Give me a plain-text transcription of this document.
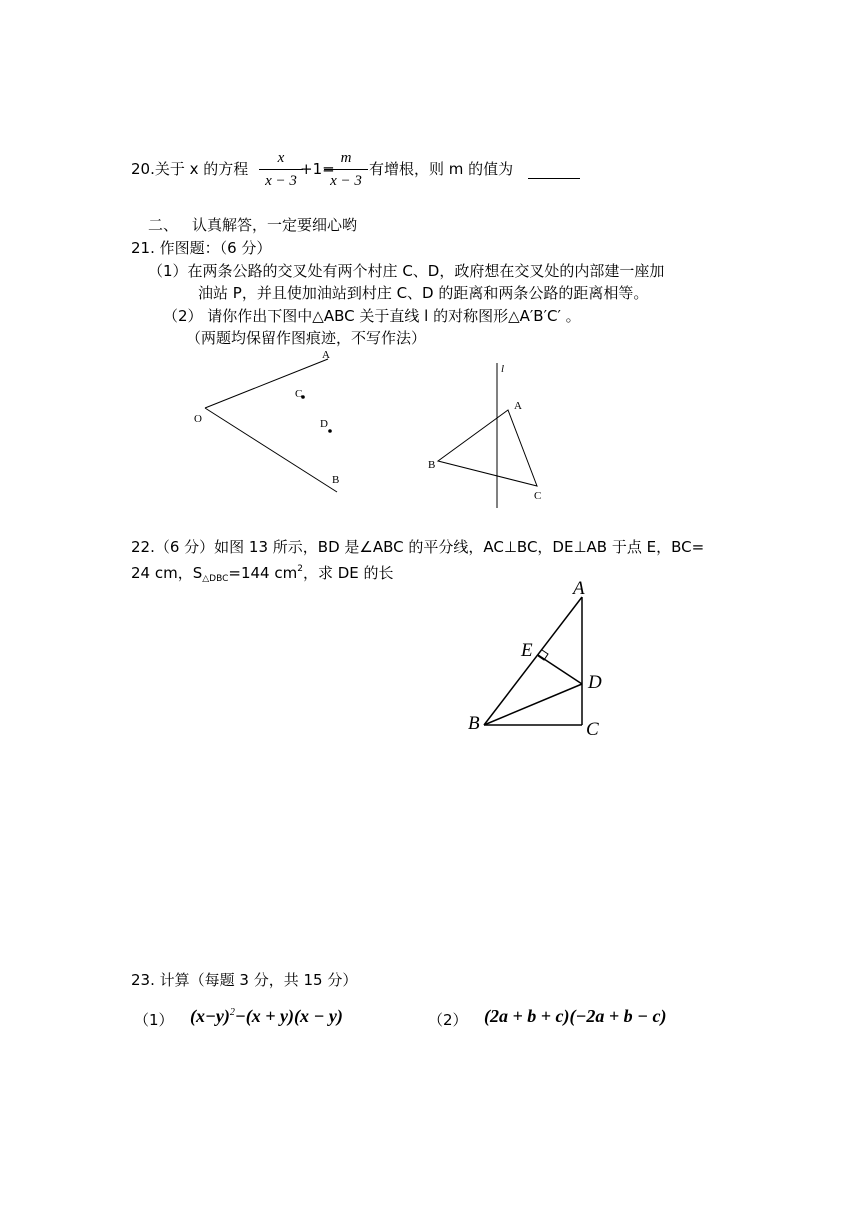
20.关于 x 的方程
x
x − 3
+1=
m
x − 3
有增根，则 m 的值为
二、 认真解答，一定要细心哟
21. 作图题：（6 分）
（1）在两条公路的交叉处有两个村庄 C、D，政府想在交叉处的内部建一座加
油站 P，并且使加油站到村庄 C、D 的距离和两条公路的距离相等。
（2） 请你作出下图中△ABC 关于直线 l 的对称图形△A′B′C′ 。
（两题均保留作图痕迹，不写作法）
A
O
C
D
B
l
A
B
C
22.（6 分）如图 13 所示，BD 是∠ABC 的平分线，AC⊥BC，DE⊥AB 于点 E，BC=
24 cm，$S_{\triangle DBC}=144$ $cm^2$，求 DE 的长
A
E
D
B	C
23. 计算（每题 3 分，共 15 分）
（1） $(x-y)^2-(x + y)(x - y)$	（2） (2a + b + c)(−2a + b − c)
